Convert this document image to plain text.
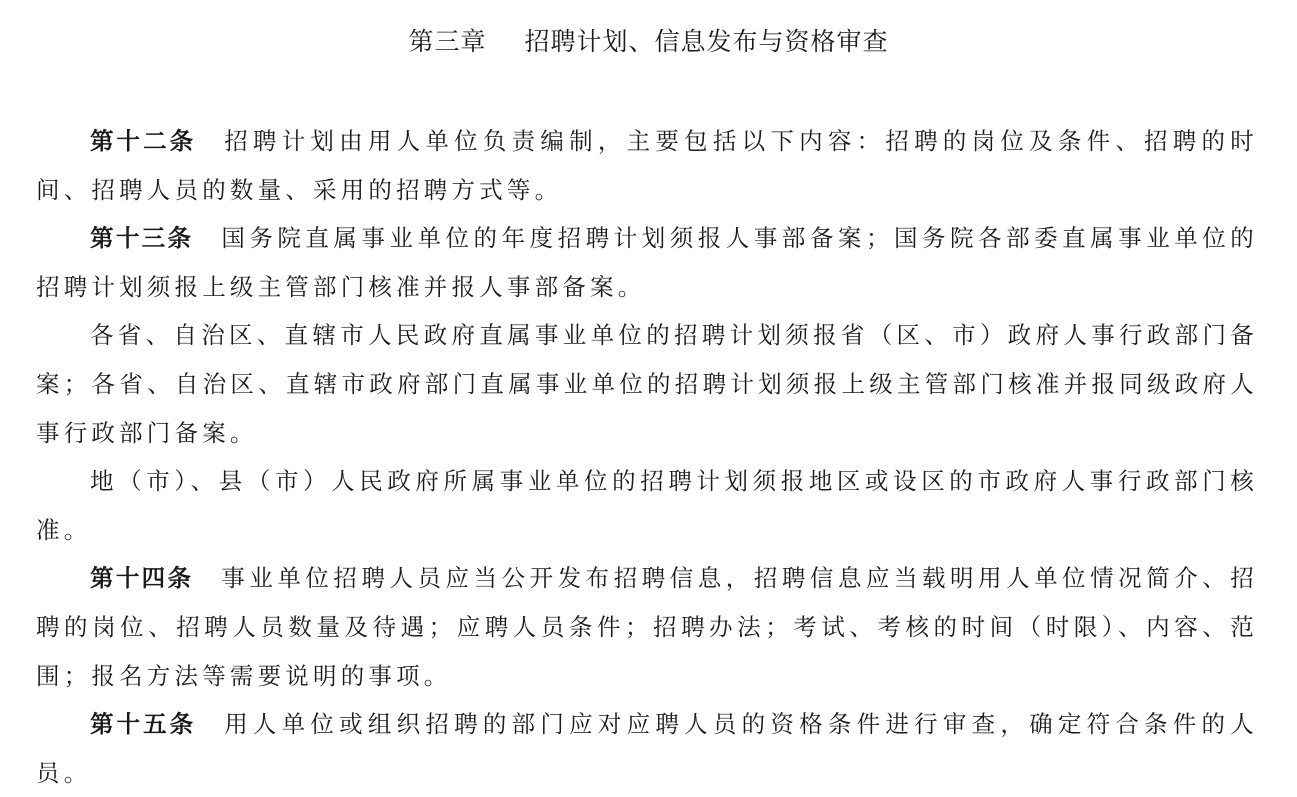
第三章 招聘计划、信息发布与资格审查

第十二条 招聘计划由用人单位负责编制，主要包括以下内容：招聘的岗位及条件、招聘的时间、招聘人员的数量、采用的招聘方式等。

第十三条 国务院直属事业单位的年度招聘计划须报人事部备案；国务院各部委直属事业单位的招聘计划须报上级主管部门核准并报人事部备案。

各省、自治区、直辖市人民政府直属事业单位的招聘计划须报省（区、市）政府人事行政部门备案；各省、自治区、直辖市政府部门直属事业单位的招聘计划须报上级主管部门核准并报同级政府人事行政部门备案。

地（市）、县（市）人民政府所属事业单位的招聘计划须报地区或设区的市政府人事行政部门核准。

第十四条 事业单位招聘人员应当公开发布招聘信息，招聘信息应当载明用人单位情况简介、招聘的岗位、招聘人员数量及待遇；应聘人员条件；招聘办法；考试、考核的时间（时限）、内容、范围；报名方法等需要说明的事项。

第十五条 用人单位或组织招聘的部门应对应聘人员的资格条件进行审查，确定符合条件的人员。
